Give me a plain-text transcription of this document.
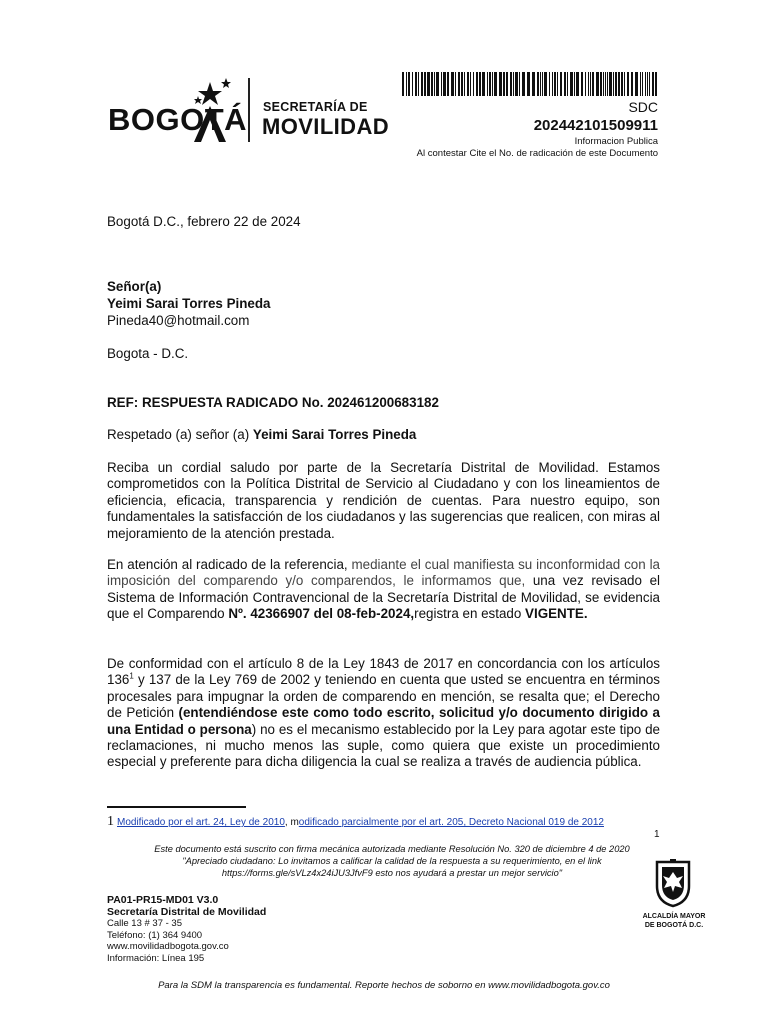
BOGOTÁ SECRETARÍA DE
MOVILIDAD
SDC
202442101509911
Informacion Publica
Al contestar Cite el No. de radicación de este Documento
Bogotá D.C., febrero 22 de 2024
Señor(a)
Yeimi Sarai Torres Pineda
Pineda40@hotmail.com
Bogota - D.C.
REF: RESPUESTA RADICADO No. 202461200683182
Respetado (a) señor (a) Yeimi Sarai Torres Pineda
Reciba un cordial saludo por parte de la Secretaría Distrital de Movilidad. Estamos comprometidos con la Política Distrital de Servicio al Ciudadano y con los lineamientos de eficiencia, eficacia, transparencia y rendición de cuentas. Para nuestro equipo, son fundamentales la satisfacción de los ciudadanos y las sugerencias que realicen, con miras al mejoramiento de la atención prestada.
En atención al radicado de la referencia, mediante el cual manifiesta su inconformidad con la imposición del comparendo y/o comparendos, le informamos que, una vez revisado el Sistema de Información Contravencional de la Secretaría Distrital de Movilidad, se evidencia que el Comparendo Nº. 42366907 del 08-feb-2024,registra en estado VIGENTE.
De conformidad con el artículo 8 de la Ley 1843 de 2017 en concordancia con los artículos $136^1$ y 137 de la Ley 769 de 2002 y teniendo en cuenta que usted se encuentra en términos procesales para impugnar la orden de comparendo en mención, se resalta que; el Derecho de Petición (entendiéndose este como todo escrito, solicitud y/o documento dirigido a una Entidad o persona) no es el mecanismo establecido por la Ley para agotar este tipo de reclamaciones, ni mucho menos las suple, como quiera que existe un procedimiento especial y preferente para dicha diligencia la cual se realiza a través de audiencia pública.
1 Modificado por el art. 24, Ley de 2010, modificado parcialmente por el art. 205, Decreto Nacional 019 de 2012
1
Este documento está suscrito con firma mecánica autorizada mediante Resolución No. 320 de diciembre 4 de 2020
"Apreciado ciudadano: Lo invitamos a calificar la calidad de la respuesta a su requerimiento, en el link
https://forms.gle/sVLz4x24iJU3JfvF9 esto nos ayudará a prestar un mejor servicio"
PA01-PR15-MD01 V3.0
Secretaría Distrital de Movilidad
Calle 13 # 37 - 35
Teléfono: (1) 364 9400
www.movilidadbogota.gov.co
Información: Línea 195
ALCALDÍA MAYOR
DE BOGOTÁ D.C.
Para la SDM la transparencia es fundamental. Reporte hechos de soborno en www.movilidadbogota.gov.co
